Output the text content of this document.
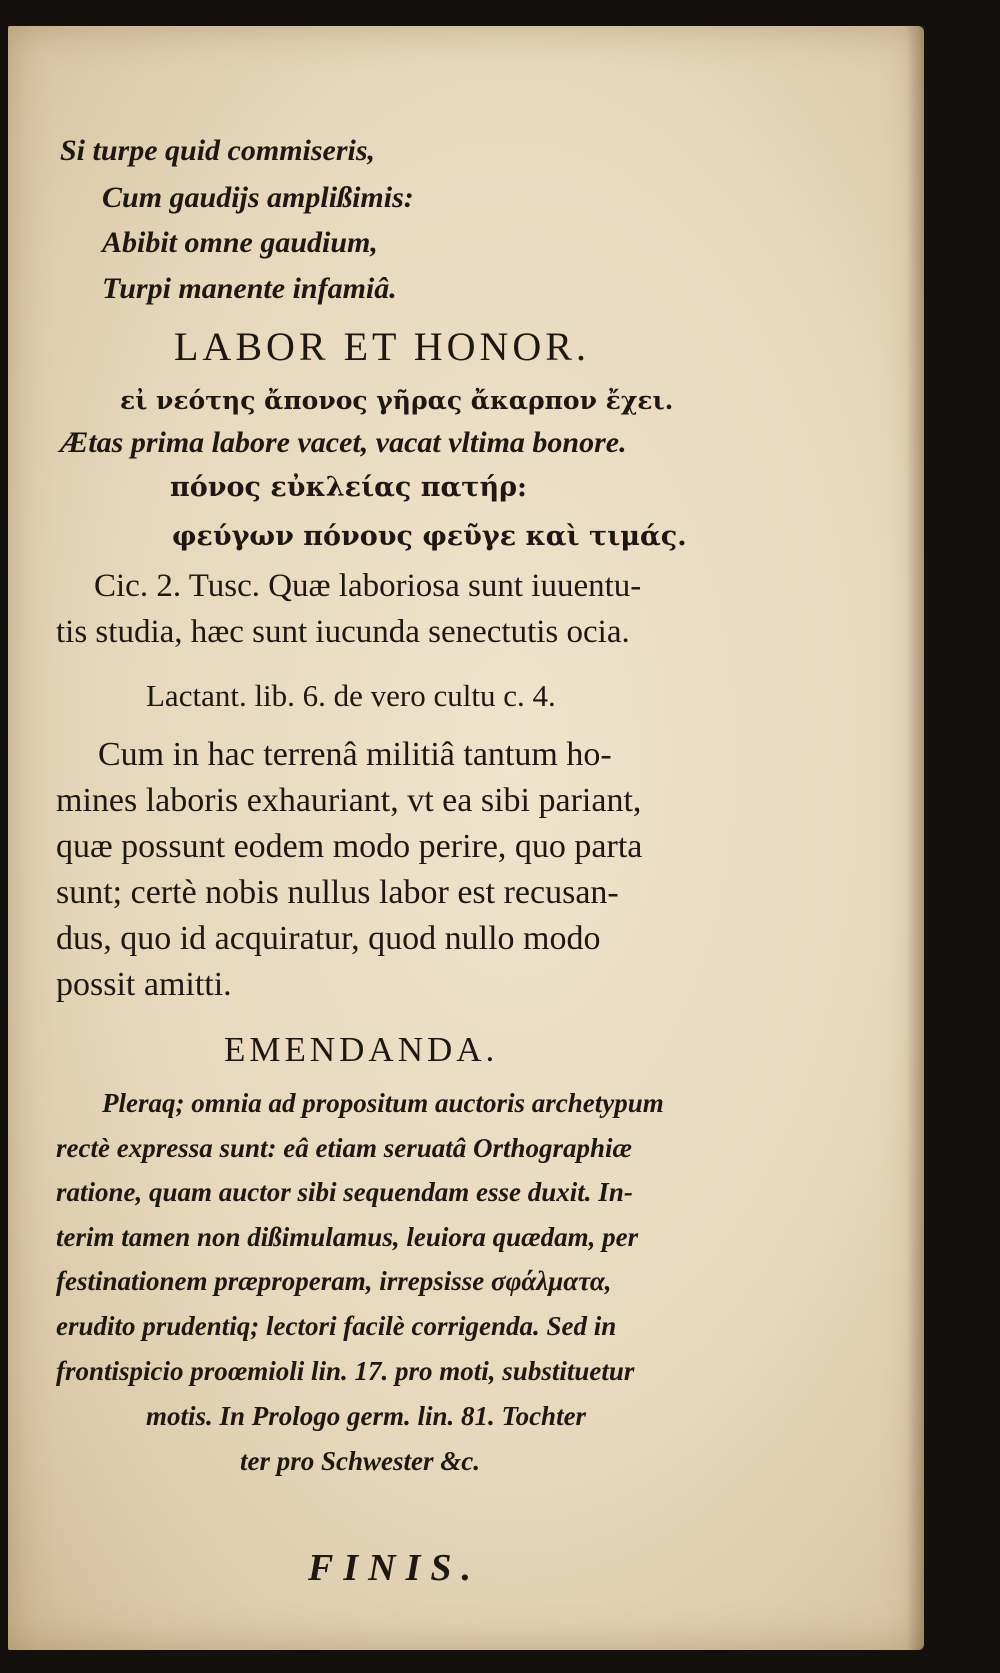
Si turpe quid commiseris,
Cum gaudijs amplißimis:
Abibit omne gaudium,
Turpi manente infamiâ.
LABOR ET HONOR.
εἰ νεότης ἄπονος γῆρας ἄκαρπον ἔχει.
Ætas prima labore vacet, vacat vltima bonore.
πόνος εὐκλείας πατήρ:
φεύγων πόνους φεῦγε καὶ τιμάς.
Cic. 2. Tusc. Quæ laboriosa sunt iuuentu-
tis studia, hæc sunt iucunda senectutis ocia.
Lactant. lib. 6. de vero cultu c. 4.
Cum in hac terrenâ militiâ tantum ho-
mines laboris exhauriant, vt ea sibi pariant,
quæ possunt eodem modo perire, quo parta
sunt; certè nobis nullus labor est recusan-
dus, quo id acquiratur, quod nullo modo
possit amitti.
EMENDANDA.
Pleraq; omnia ad propositum auctoris archetypum
rectè expressa sunt: eâ etiam seruatâ Orthographiæ
ratione, quam auctor sibi sequendam esse duxit. In-
terim tamen non dißimulamus, leuiora quædam, per
festinationem præproperam, irrepsisse σφάλματα,
erudito prudentiq; lectori facilè corrigenda. Sed in
frontispicio proœmioli lin. 17. pro moti, substituetur
motis. In Prologo germ. lin. 81. Tochter
ter pro Schwester &c.
FINIS.
